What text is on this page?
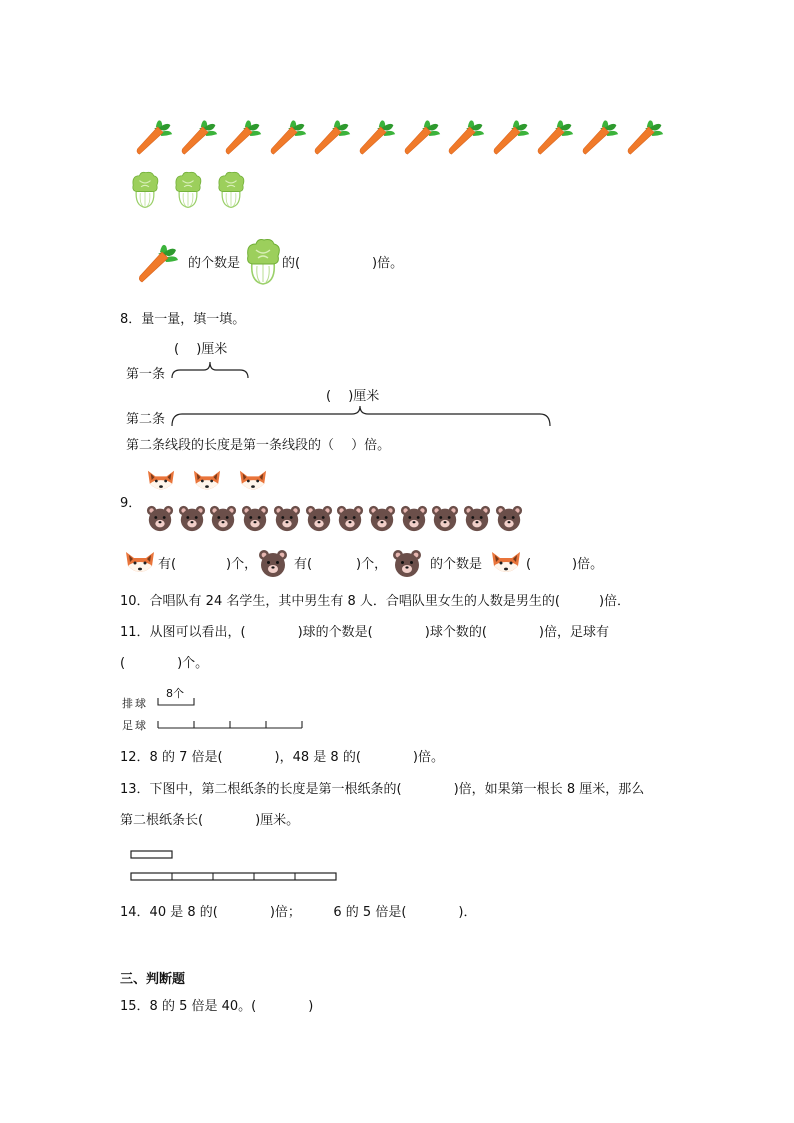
的个数是	的(	)倍。
8．量一量，填一填。
(　 )厘米
第一条
(　 )厘米
第二条
第二条线段的长度是第一条线段的（　 ）倍。
9．
有(	)个，	有(	)个，	的个数是	(	)倍。
10．合唱队有 24 名学生，其中男生有 8 人．合唱队里女生的人数是男生的(　　　)倍．
11．从图可以看出，(　　　　)球的个数是(　　　　)球个数的(　　　　)倍，足球有
(　　　　)个。
排球
8个
足球
12．8 的 7 倍是(　　　　)，48 是 8 的(　　　　)倍。
13．下图中，第二根纸条的长度是第一根纸条的(　　　　)倍，如果第一根长 8 厘米，那么
第二根纸条长(　　　　)厘米。
14．40 是 8 的(　　　　)倍；　　　6 的 5 倍是(　　　　)．
三、判断题
15．8 的 5 倍是 40。(　　　　)
